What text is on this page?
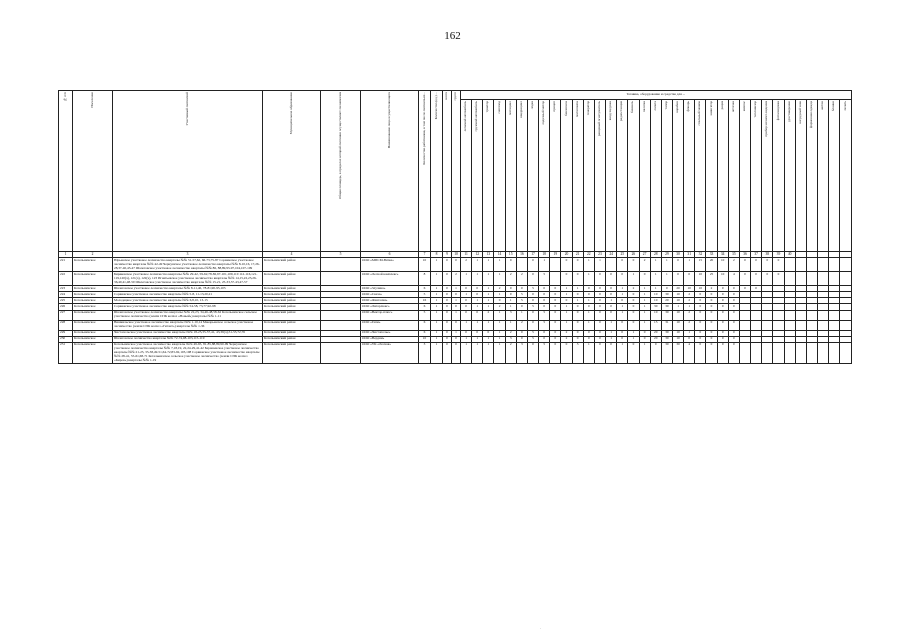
162
№ п/п	Поселение	Участковый охотничий	Муниципальное образование	Общая площадь, в пределах которой охотники осуществляют полномочия	Наименование лица осуществляющего	Количество работников, в том числе охотничьих...	Количество (ед.) ...	всего	групп	Техника, оборудование и средства для ...																																		

										легковой автомобиль	грузовой автомобиль	трактор	снегоход	мотоцикл	квадроцикл	лодка	лодочный мотор	прицеп	бензопила	мотопомпа	генератор	ранцевый огнетушитель	воздуходувка	радиостанция	бинокль	палатка	лопата	топор	карабин	фонарь	спальный мешок	навигатор	рация	аптечка	компас	тепловизор	прибор ночного видения	фотоловушка	удостоверение	нагрудный знак	форменная одежда	жетон	бланки	печать

1	2	3	4	5	6	7	8	9	10	11	12	13	14	15	16	17	18	19	20	21	22	23	24	25	26	27	28	29	30	31	32	33	34	35	36	37	38	39	40					
221	Котельничское	Юрьевское участковое лесничество кварталы №№ 51-57,62, 66-73,75-87 Сорвижское участковое лесничество кварталы №№ 42-49 Чернушское участковое лесничество кварталы №№ 8-10,16, 17,26-28,37-40,43-47 Шалеговское участковое лесничество кварталы №№ 86, 88,89,93-97,104,107-109	Котельничский район		ООО «МПСМ-Вятка»	10	1	0	0	2	1	1	1	9		0	1		0	0	1	1		0	0	2	1	1	0	1	15	20	10	2	0	0	0	0						
222	Котельничское	Биряковское участковое лесничество кварталы №№ 29-42, 59-62,78-82,97-101,109,110 112-116,121-119,120(ч), 121(ч), 122(ч), 123 Игнатьевское участковое лесничество кварталы №№ 14,15,22,23,26-36,40,41,48-50 Шалеговское участковое лесничество кварталы №№ 15-21, 25-33,37-43,47-57	Котельничский район		ООО «Лесной комплекс»	8	1	0	2	1	1	1	1	2	2	0	5		0	0	1	0	0	0	1	0	1	1	0	0	10	25	10	4	0	0	0	0						
223	Котельничское	Шалеговское участковое лесничество кварталы №№ 8-11,46, 78-81,90-95,105	Котельничский район		ООО «Злучина»	6	1	0	1	0	0	1	2	0	0	5	0	0	1	1	0	0	0	1	2	1	1	0	20	10	10	2	0	0	0	0								
224	Котельничское	Сорвижское участковое лесничество кварталы №№ 5-8, 11-13,20,21	Котельничский район		ООО «Свеча»	5	1	0	0	1	0	1	1	0	5	0	0	0	1	0	0	0	0	1	0	1	10	30	10	2	0	0	0	0										
225	Котельничское	Молодецкое участковое лесничество кварталы №№ 6,8,10, 13-15	Котельничский район		ООО «Фантасия»	16	1	0	1	0	1	1	0	1	5	0	0	0	0	1	1	0	1	0	0	1	10	20	10	2	0	0	0	0										
226	Котельничское	Сорвижское участковое лесничество кварталы №№ 54-58, 73,77,92-98	Котельничский район		ООО «Литерлюкс»	6	1	0	0	0	1	1	2	1	0	5	0	0	1	0	0	0	0	1	0	1	30	30	1	1	0	0	0	0										
227	Котельничское	Шалеговское участковое лесничество кварталы №№ 22,23, 34,46-48,58-62 Котельничское сельское участковое лесничество (земли СПК колхоз «Новый») кварталы №№ 1-11	Котельничский район		ООО «Вектор-плюс»	5	1	0	1	0	0	2	1	3	1	0	5	0	1	0	1	0	0	1	0	1	10	30	10	2	0	0	0	0										
228	Котельничское	Вишкильское участковое лесничество кварталы №№ 1-10,14 Макарьевское сельское участковое лесничество (земли СПК колхоз «Гигант») кварталы №№ 1-36	Котельничский район		ООО «Гепи»	6	1	0	0	1	1	1	1	1	2	0	5	0	1	0	1	0	1	0	0	1	15	31	10	2	0	0	0	0										
229	Котельничское	Чистопольское участковое лесничество кварталы №№ 18-25,35-37,41, 43,39(ч),51-53,72,76	Котельничский район		ООО «Чистополье»	6	1	0	1	0	0	0	1	2	0	5	0	0	2	0	0	0	1	0	1	0	20	30	10	1	0	0	0	0										
230	Котельничское	Шалеговское лесничество кварталы №№ 72-74,98-103,115-119	Котельничский район		ООО «Вердни»	10	1	0	0	1	1	1	1	3	0	5	0	0	2	0	0	0	1	0	1	0	20	30	10	0	0	0	0	0										
231	Котельничское	Котельничское участковое лесничество кварталы №№ 49-65, 81-85,88,89,90-99 Чернушское участковое лесничество кварталы №№ 7,18,19, 22,24-29,41-42 Барашевское участковое лесничество кварталы №№ 21-23, 35-38,49-51,64-72,83-92,103,108 Сорвижское участковое лесничество кварталы №№ 28-41, 55-61,68-71 Котельничское сельское участковое лесничество (земли СПК колхоз «Киров») кварталы №№ 1-19	Котельничский район		ООО «УК «Лесная»	3	1	0	0	1	1	1	1	2	3	0	5	0	0	3	1	0	0	1	0	1	0	30	30	4	0	0	0	0										
·
